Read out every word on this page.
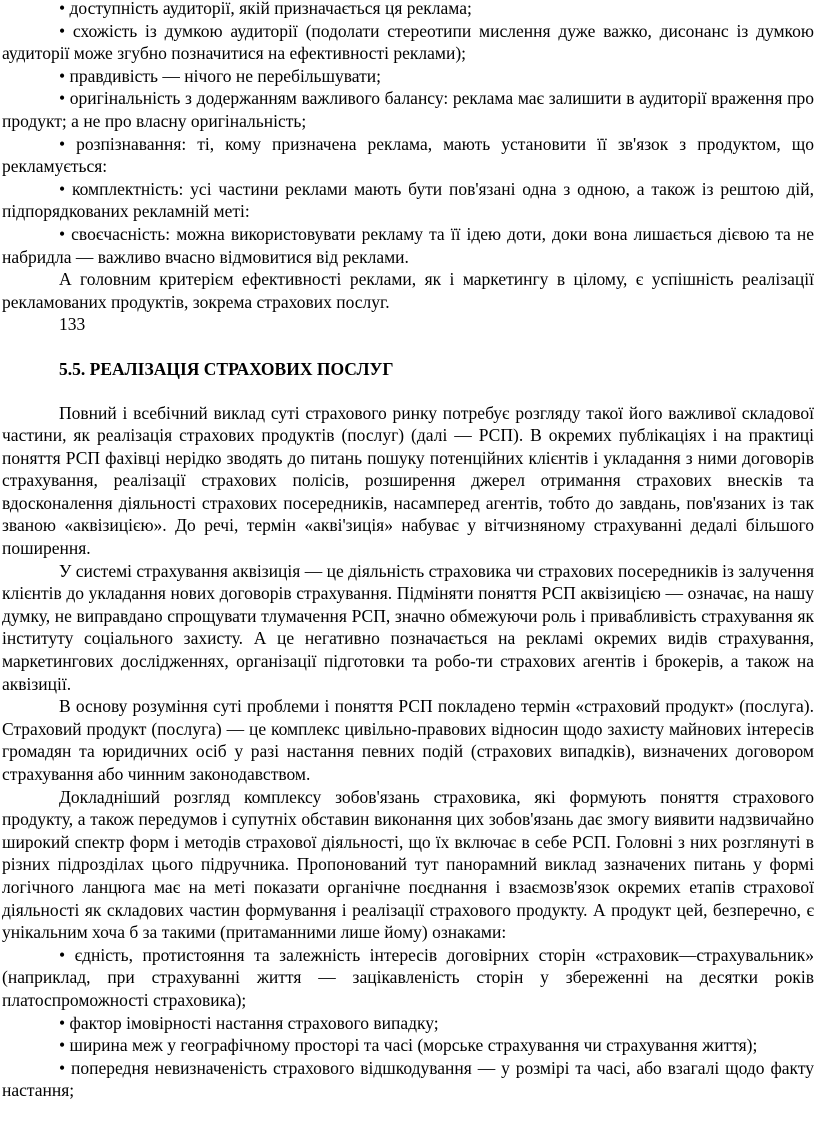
• доступність аудиторії, якій призначається ця реклама;

• схожість із думкою аудиторії (подолати стереотипи мислення дуже важко, дисонанс із думкою аудиторії може згубно позначитися на ефективності реклами);

• правдивість — нічого не перебільшувати;

• оригінальність з додержанням важливого балансу: реклама має залишити в аудиторії враження про продукт; а не про власну оригінальність;

• розпізнавання: ті, кому призначена реклама, мають установити її зв'язок з продуктом, що рекламується:

• комплектність: усі частини реклами мають бути пов'язані одна з одною, а також із рештою дій, підпорядкованих рекламній меті:

• своєчасність: можна використовувати рекламу та її ідею доти, доки вона лишається дієвою та не набридла — важливо вчасно відмовитися від реклами.

А головним критерієм ефективності реклами, як і маркетингу в цілому, є успішність реалізації рекламованих продуктів, зокрема страхових послуг.

133

5.5. РЕАЛІЗАЦІЯ СТРАХОВИХ ПОСЛУГ

Повний і всебічний виклад суті страхового ринку потребує розгляду такої його важливої складової частини, як реалізація страхових продуктів (послуг) (далі — РСП). В окремих публікаціях і на практиці поняття РСП фахівці нерідко зводять до питань пошуку потенційних клієнтів і укладання з ними договорів страхування, реалізації страхових полісів, розширення джерел отримання страхових внесків та вдосконалення діяльності страхових посередників, насамперед агентів, тобто до завдань, пов'язаних із так званою «аквізицією». До речі, термін «акві'зиція» набуває у вітчизняному страхуванні дедалі більшого поширення.

У системі страхування аквізиція — це діяльність страховика чи страхових посередників із залучення клієнтів до укладання нових договорів страхування. Підміняти поняття РСП аквізицією — означає, на нашу думку, не виправдано спрощувати тлумачення РСП, значно обмежуючи роль і привабливість страхування як інституту соціального захисту. А це негативно позначається на рекламі окремих видів страхування, маркетингових дослідженнях, організації підготовки та робо-ти страхових агентів і брокерів, а також на аквізиції.

В основу розуміння суті проблеми і поняття РСП покладено термін «страховий продукт» (послуга). Страховий продукт (послуга) — це комплекс цивільно-правових відносин щодо захисту майнових інтересів громадян та юридичних осіб у разі настання певних подій (страхових випадків), визначених договором страхування або чинним законодавством.

Докладніший розгляд комплексу зобов'язань страховика, які формують поняття страхового продукту, а також передумов і супутніх обставин виконання цих зобов'язань дає змогу виявити надзвичайно широкий спектр форм і методів страхової діяльності, що їх включає в себе РСП. Головні з них розглянуті в різних підрозділах цього підручника. Пропонований тут панорамний виклад зазначених питань у формі логічного ланцюга має на меті показати органічне поєднання і взаємозв'язок окремих етапів страхової діяльності як складових частин формування і реалізації страхового продукту. А продукт цей, безперечно, є унікальним хоча б за такими (притаманними лише йому) ознаками:

• єдність, протистояння та залежність інтересів договірних сторін «страховик—страхувальник» (наприклад, при страхуванні життя — зацікавленість сторін у збереженні на десятки років платоспроможності страховика);

• фактор імовірності настання страхового випадку;

• ширина меж у географічному просторі та часі (морське страхування чи страхування життя);

• попередня невизначеність страхового відшкодування — у розмірі та часі, або взагалі щодо факту настання;
